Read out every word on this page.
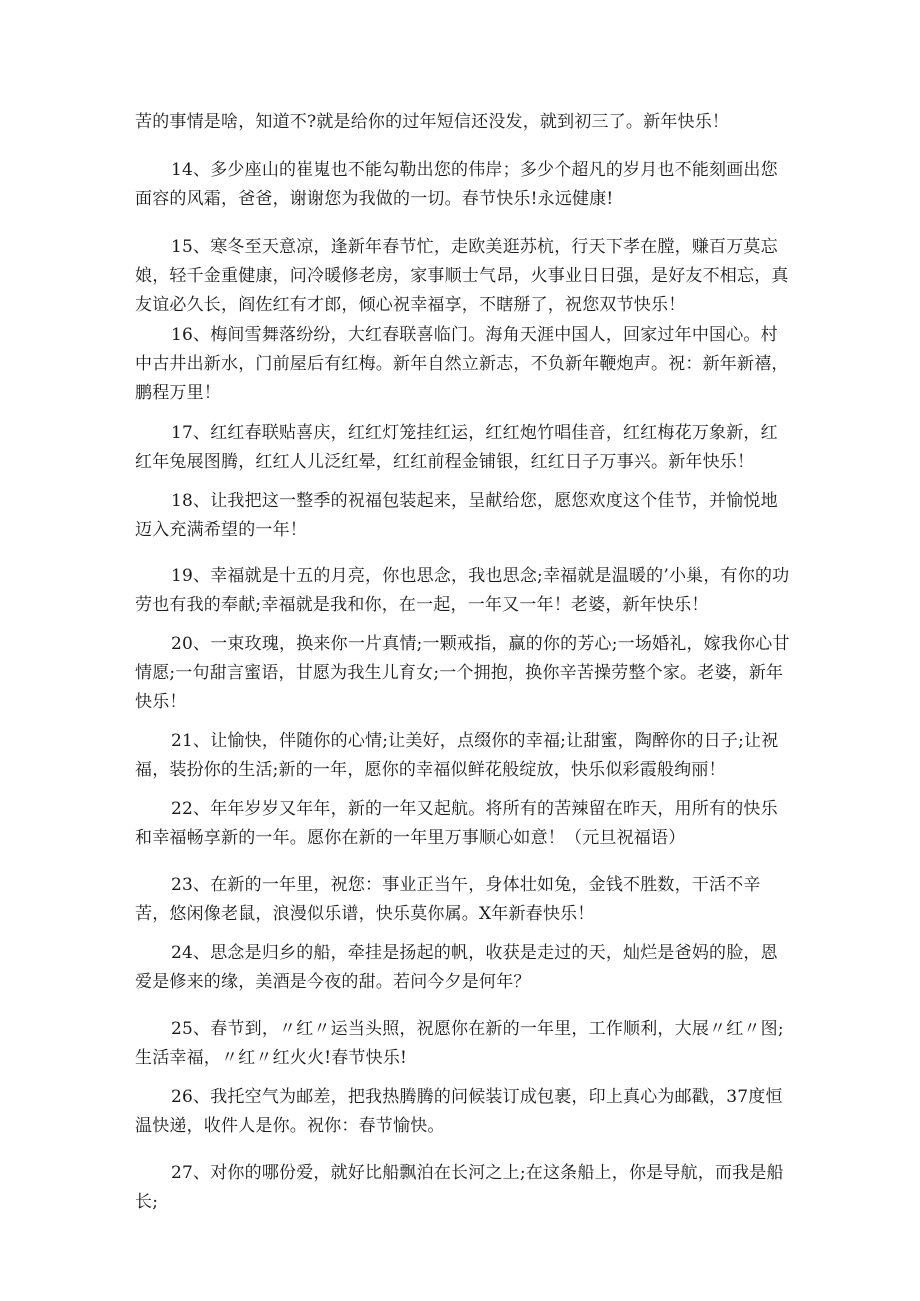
苦的事情是啥，知道不?就是给你的过年短信还没发，就到初三了。新年快乐！

14、多少座山的崔嵬也不能勾勒出您的伟岸；多少个超凡的岁月也不能刻画出您面容的风霜，爸爸，谢谢您为我做的一切。春节快乐!永远健康!

15、寒冬至天意凉，逢新年春节忙，走欧美逛苏杭，行天下孝在膛，赚百万莫忘娘，轻千金重健康，问冷暖修老房，家事顺士气昂，火事业日日强，是好友不相忘，真友谊必久长，阎佐红有才郎，倾心祝幸福享，不瞎掰了，祝您双节快乐！

16、梅间雪舞落纷纷，大红春联喜临门。海角天涯中国人，回家过年中国心。村中古井出新水，门前屋后有红梅。新年自然立新志，不负新年鞭炮声。祝：新年新禧，鹏程万里！

17、红红春联贴喜庆，红红灯笼挂红运，红红炮竹唱佳音，红红梅花万象新，红红年兔展图腾，红红人儿泛红晕，红红前程金铺银，红红日子万事兴。新年快乐！

18、让我把这一整季的祝福包装起来，呈献给您，愿您欢度这个佳节，并愉悦地迈入充满希望的一年！

19、幸福就是十五的月亮，你也思念，我也思念;幸福就是温暖的’小巢，有你的功劳也有我的奉献;幸福就是我和你，在一起，一年又一年！老婆，新年快乐！

20、一束玫瑰，换来你一片真情;一颗戒指，赢的你的芳心;一场婚礼，嫁我你心甘情愿;一句甜言蜜语，甘愿为我生儿育女;一个拥抱，换你辛苦操劳整个家。老婆，新年快乐！

21、让愉快，伴随你的心情;让美好，点缀你的幸福;让甜蜜，陶醉你的日子;让祝福，装扮你的生活;新的一年，愿你的幸福似鲜花般绽放，快乐似彩霞般绚丽！

22、年年岁岁又年年，新的一年又起航。将所有的苦辣留在昨天，用所有的快乐和幸福畅享新的一年。愿你在新的一年里万事顺心如意！（元旦祝福语）

23、在新的一年里，祝您：事业正当午，身体壮如兔，金钱不胜数，干活不辛苦，悠闲像老鼠，浪漫似乐谱，快乐莫你属。X年新春快乐！

24、思念是归乡的船，牵挂是扬起的帆，收获是走过的天，灿烂是爸妈的脸，恩爱是修来的缘，美酒是今夜的甜。若问今夕是何年？

25、春节到，〃红〃运当头照，祝愿你在新的一年里，工作顺利，大展〃红〃图;生活幸福，〃红〃红火火!春节快乐!

26、我托空气为邮差，把我热腾腾的问候装订成包裹，印上真心为邮戳，37度恒温快递，收件人是你。祝你：春节愉快。

27、对你的哪份爱，就好比船飘泊在长河之上;在这条船上，你是导航，而我是船长;
